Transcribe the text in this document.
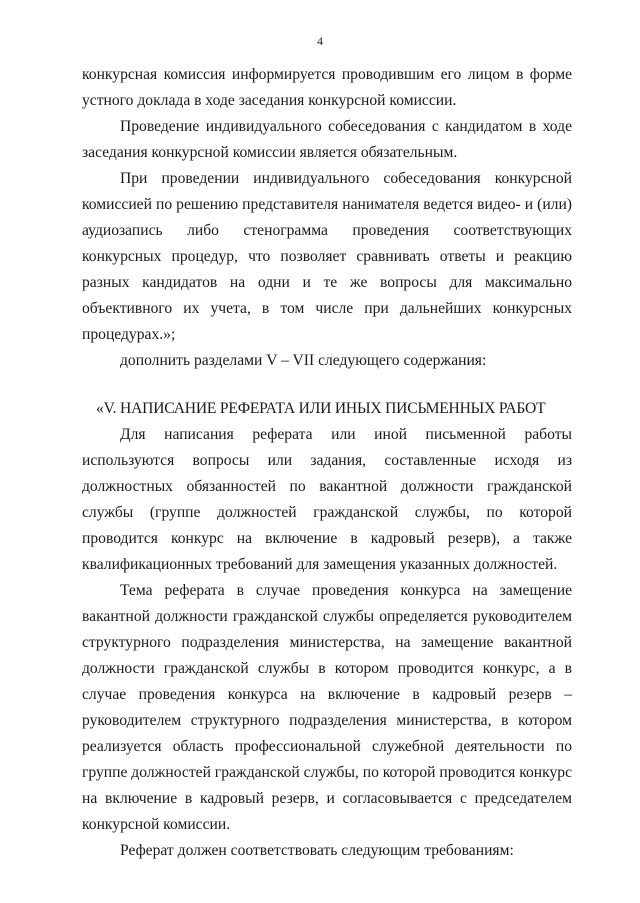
4

конкурсная комиссия информируется проводившим его лицом в форме устного доклада в ходе заседания конкурсной комиссии.

Проведение индивидуального собеседования с кандидатом в ходе заседания конкурсной комиссии является обязательным.

При проведении индивидуального собеседования конкурсной комиссией по решению представителя нанимателя ведется видео- и (или) аудиозапись либо стенограмма проведения соответствующих конкурсных процедур, что позволяет сравнивать ответы и реакцию разных кандидатов на одни и те же вопросы для максимально объективного их учета, в том числе при дальнейших конкурсных процедурах.»;

дополнить разделами V – VII следующего содержания:

«V. НАПИСАНИЕ РЕФЕРАТА ИЛИ ИНЫХ ПИСЬМЕННЫХ РАБОТ

Для написания реферата или иной письменной работы используются вопросы или задания, составленные исходя из должностных обязанностей по вакантной должности гражданской службы (группе должностей гражданской службы, по которой проводится конкурс на включение в кадровый резерв), а также квалификационных требований для замещения указанных должностей.

Тема реферата в случае проведения конкурса на замещение вакантной должности гражданской службы определяется руководителем структурного подразделения министерства, на замещение вакантной должности гражданской службы в котором проводится конкурс, а в случае проведения конкурса на включение в кадровый резерв – руководителем структурного подразделения министерства, в котором реализуется область профессиональной служебной деятельности по группе должностей гражданской службы, по которой проводится конкурс на включение в кадровый резерв, и согласовывается с председателем конкурсной комиссии.

Реферат должен соответствовать следующим требованиям:
